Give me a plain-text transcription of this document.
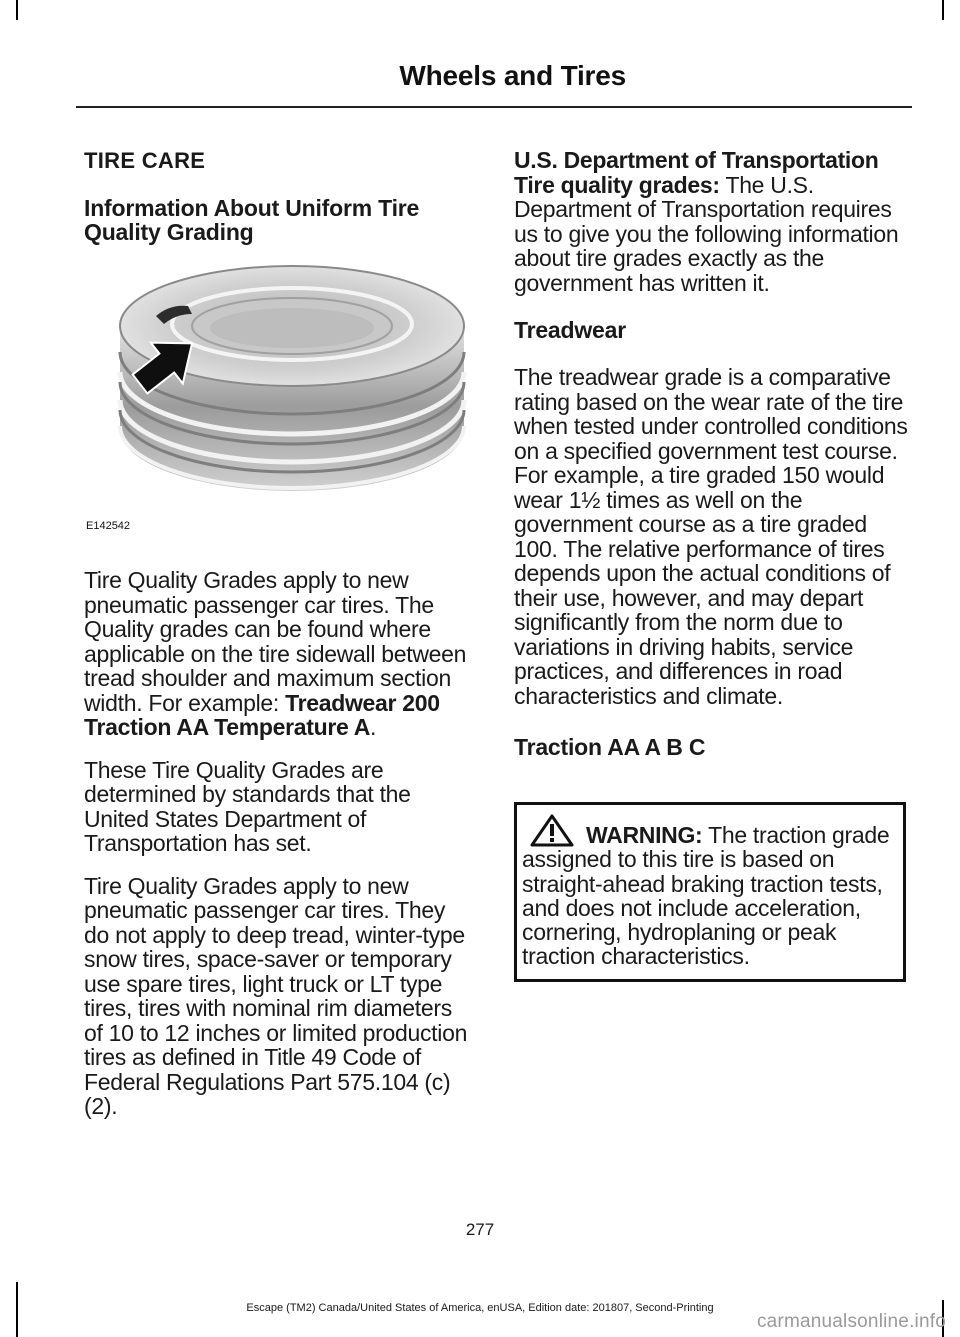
Wheels and Tires
TIRE CARE
Information About Uniform Tire Quality Grading
E142542

Tire Quality Grades apply to new pneumatic passenger car tires. The Quality grades can be found where applicable on the tire sidewall between tread shoulder and maximum section width. For example: Treadwear 200 Traction AA Temperature A.

These Tire Quality Grades are determined by standards that the United States Department of Transportation has set.

Tire Quality Grades apply to new pneumatic passenger car tires. They do not apply to deep tread, winter-type snow tires, space-saver or temporary use spare tires, light truck or LT type tires, tires with nominal rim diameters of 10 to 12 inches or limited production tires as defined in Title 49 Code of Federal Regulations Part 575.104 (c)(2).

U.S. Department of Transportation Tire quality grades: The U.S. Department of Transportation requires us to give you the following information about tire grades exactly as the government has written it.

Treadwear

The treadwear grade is a comparative rating based on the wear rate of the tire when tested under controlled conditions on a specified government test course. For example, a tire graded 150 would wear 1½ times as well on the government course as a tire graded 100. The relative performance of tires depends upon the actual conditions of their use, however, and may depart significantly from the norm due to variations in driving habits, service practices, and differences in road characteristics and climate.

Traction AA A B C

WARNING: The traction grade assigned to this tire is based on straight-ahead braking traction tests, and does not include acceleration, cornering, hydroplaning or peak traction characteristics.

277
Escape (TM2) Canada/United States of America, enUSA, Edition date: 201807, Second-Printing
carmanualsonline.info
